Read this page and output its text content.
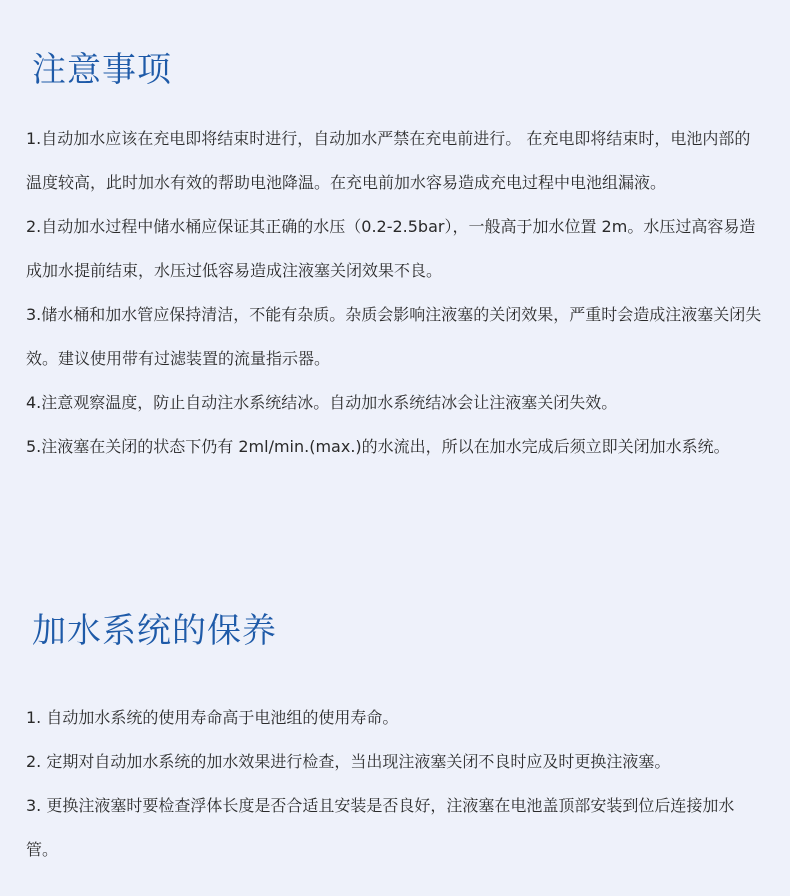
注意事项

1.自动加水应该在充电即将结束时进行，自动加水严禁在充电前进行。 在充电即将结束时，电池内部的温度较高，此时加水有效的帮助电池降温。在充电前加水容易造成充电过程中电池组漏液。

2.自动加水过程中储水桶应保证其正确的水压（0.2-2.5bar），一般高于加水位置 2m。水压过高容易造成加水提前结束，水压过低容易造成注液塞关闭效果不良。

3.储水桶和加水管应保持清洁，不能有杂质。杂质会影响注液塞的关闭效果，严重时会造成注液塞关闭失效。建议使用带有过滤装置的流量指示器。

4.注意观察温度，防止自动注水系统结冰。自动加水系统结冰会让注液塞关闭失效。

5.注液塞在关闭的状态下仍有 2ml/min.(max.)的水流出，所以在加水完成后须立即关闭加水系统。

加水系统的保养

1. 自动加水系统的使用寿命高于电池组的使用寿命。

2. 定期对自动加水系统的加水效果进行检查，当出现注液塞关闭不良时应及时更换注液塞。

3. 更换注液塞时要检查浮体长度是否合适且安装是否良好，注液塞在电池盖顶部安装到位后连接加水管。
